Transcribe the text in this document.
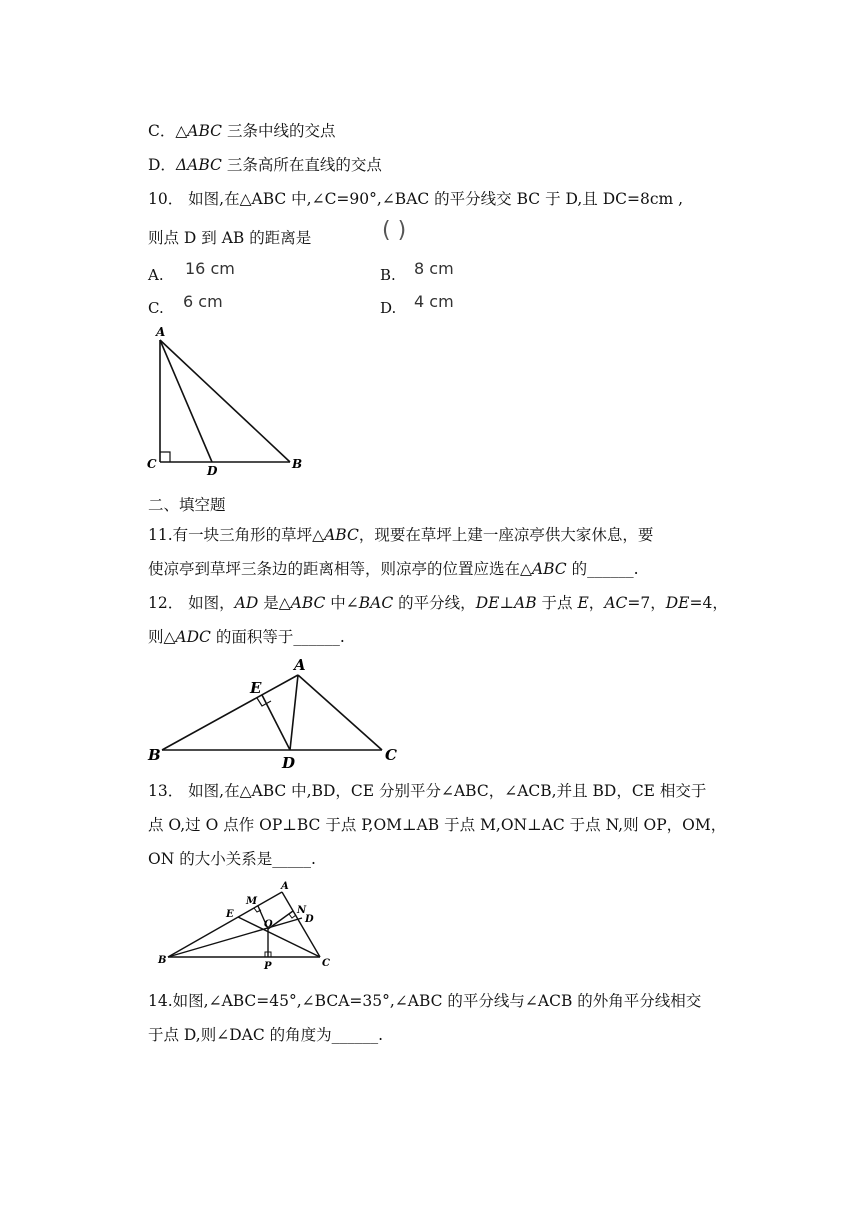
C．△ABC 三条中线的交点
D．ΔABC 三条高所在直线的交点
10． 如图,在△ABC 中,∠C=90°,∠BAC 的平分线交 BC 于 D,且 DC=8cm ,
则点 D 到 AB 的距离是	( )
A. 16 cm	B. 8 cm
C. 6 cm	D. 4 cm
A
C	D	B
二、填空题
11.有一块三角形的草坪△ABC，现要在草坪上建一座凉亭供大家休息，要
使凉亭到草坪三条边的距离相等，则凉亭的位置应选在△ABC 的______.
12． 如图，AD 是△ABC 中∠BAC 的平分线，DE⊥AB 于点 E，AC=7，DE=4，
则△ADC 的面积等于______.
A
B	C
D
E
13． 如图,在△ABC 中,BD，CE 分别平分∠ABC，∠ACB,并且 BD，CE 相交于
点 O,过 O 点作 OP⊥BC 于点 P,OM⊥AB 于点 M,ON⊥AC 于点 N,则 OP，OM，
ON 的大小关系是_____.
A
B	C
D
E
M
N
O
P
14.如图,∠ABC=45°,∠BCA=35°,∠ABC 的平分线与∠ACB 的外角平分线相交
于点 D,则∠DAC 的角度为______.
